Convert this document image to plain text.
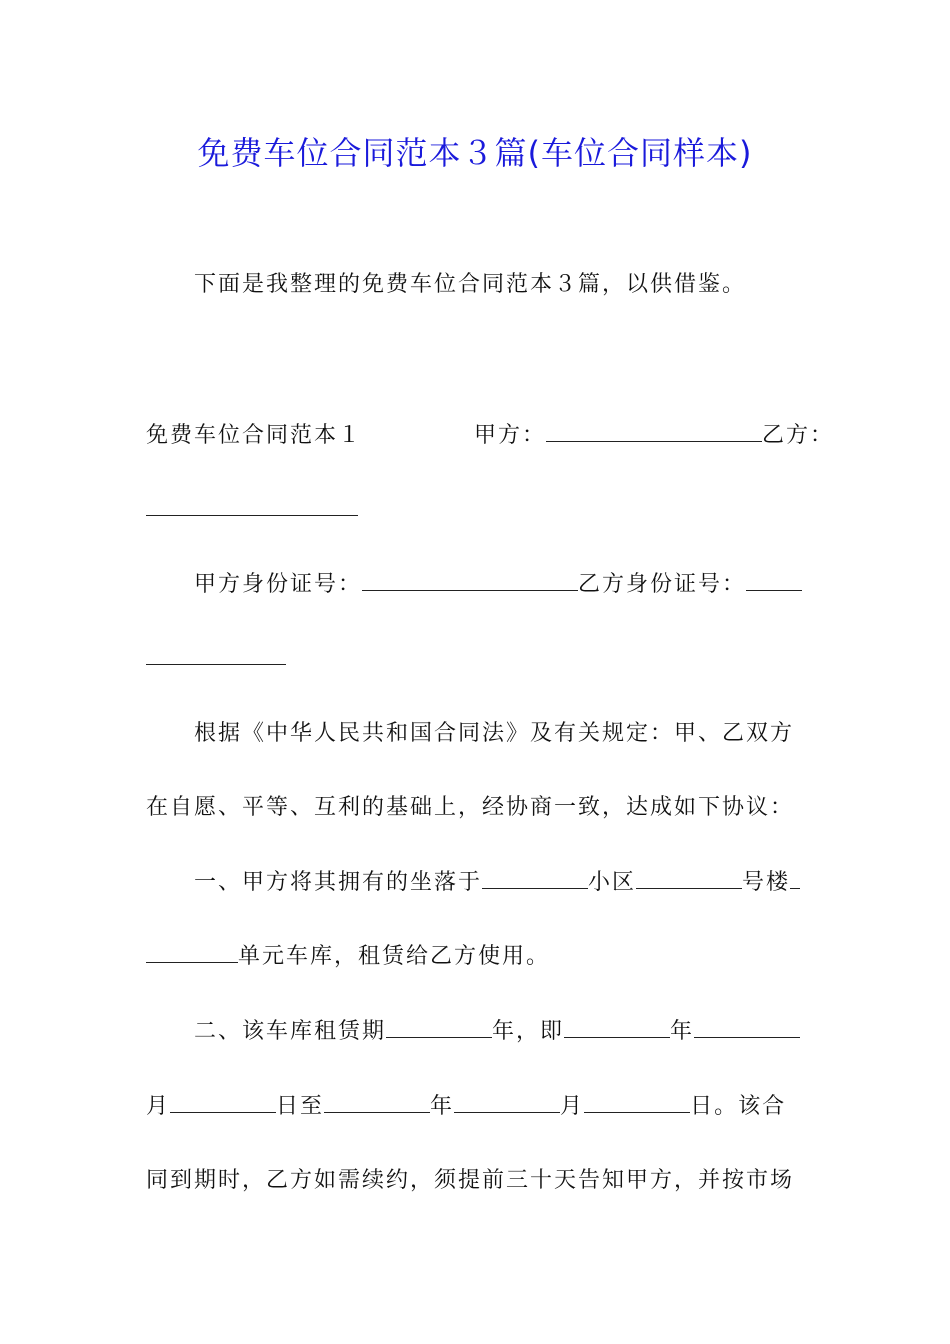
免费车位合同范本３篇(车位合同样本)
下面是我整理的免费车位合同范本３篇，以供借鉴。
免费车位合同范本１	甲方：	乙方：
甲方身份证号：	乙方身份证号：
根据《中华人民共和国合同法》及有关规定：甲、乙双方
在自愿、平等、互利的基础上，经协商一致，达成如下协议：
一、甲方将其拥有的坐落于	小区	号楼
单元车库，租赁给乙方使用。
二、该车库租赁期	年，即	年
月	日至	年	月	日。该合
同到期时，乙方如需续约，须提前三十天告知甲方，并按市场
